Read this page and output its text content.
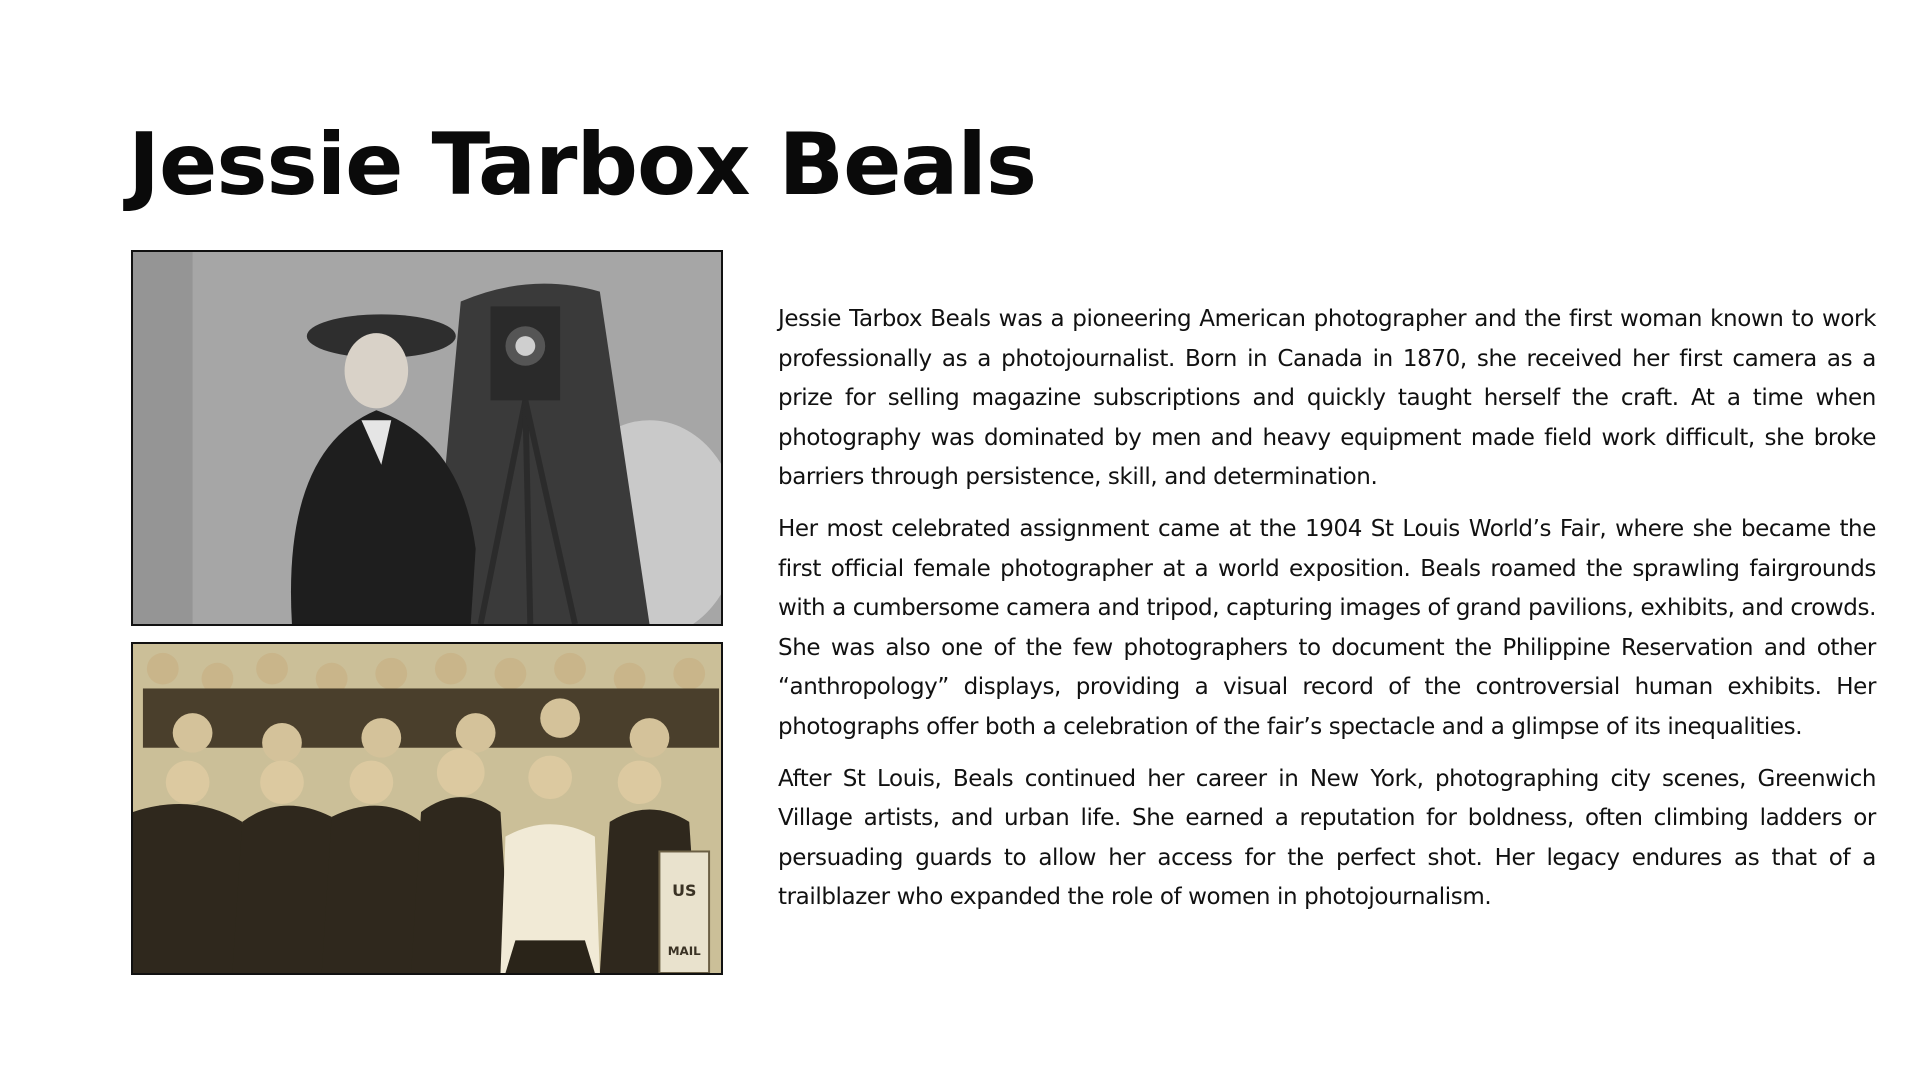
Jessie Tarbox Beals
US
MAIL

Jessie Tarbox Beals was a pioneering American photographer and the first woman known to work professionally as a photojournalist. Born in Canada in 1870, she received her first camera as a prize for selling magazine subscriptions and quickly taught herself the craft. At a time when photography was dominated by men and heavy equipment made field work difficult, she broke barriers through persistence, skill, and determination.

Her most celebrated assignment came at the 1904 St Louis World’s Fair, where she became the first official female photographer at a world exposition. Beals roamed the sprawling fairgrounds with a cumbersome camera and tripod, capturing images of grand pavilions, exhibits, and crowds. She was also one of the few photographers to document the Philippine Reservation and other “anthropology” displays, providing a visual record of the controversial human exhibits. Her photographs offer both a celebration of the fair’s spectacle and a glimpse of its inequalities.

After St Louis, Beals continued her career in New York, photographing city scenes, Greenwich Village artists, and urban life. She earned a reputation for boldness, often climbing ladders or persuading guards to allow her access for the perfect shot. Her legacy endures as that of a trailblazer who expanded the role of women in photojournalism.
